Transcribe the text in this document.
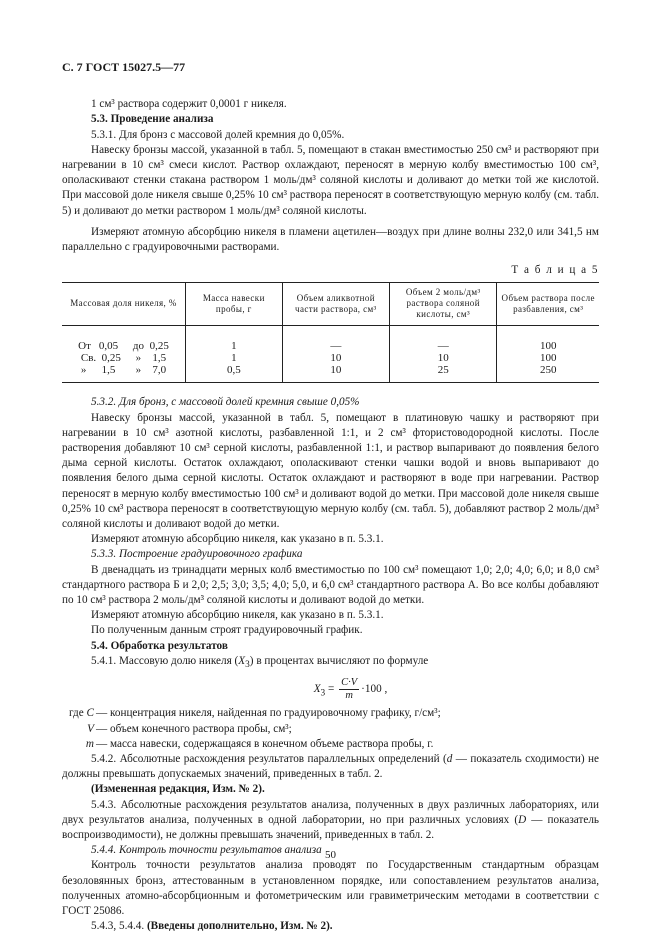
С. 7 ГОСТ 15027.5—77

1 см³ раствора содержит 0,0001 г никеля.

5.3. Проведение анализа

5.3.1. Для бронз с массовой долей кремния до 0,05%.

Навеску бронзы массой, указанной в табл. 5, помещают в стакан вместимостью 250 см³ и растворяют при нагревании в 10 см³ смеси кислот. Раствор охлаждают, переносят в мерную колбу вместимостью 100 см³, ополаскивают стенки стакана раствором 1 моль/дм³ соляной кислоты и доливают до метки той же кислотой. При массовой доле никеля свыше 0,25% 10 см³ раствора переносят в соответствующую мерную колбу (см. табл. 5) и доливают до метки раствором 1 моль/дм³ соляной кислоты.

Измеряют атомную абсорбцию никеля в пламени ацетилен—воздух при длине волны 232,0 или 341,5 нм параллельно с градуировочными растворами.

Т а б л и ц а 5
Массовая доля никеля, %	Масса навески пробы, г	Объем аликвотной части раствора, см³	Объем 2 моль/дм³ раствора соляной кислоты, см³	Объем раствора после разбавления, см³
От 0,05 до 0,25	1	—	—	100
Св. 0,25 » 1,5	1	10	10	100
» 1,5 » 7,0	0,5	10	25	250

5.3.2. Для бронз, с массовой долей кремния свыше 0,05%

Навеску бронзы массой, указанной в табл. 5, помещают в платиновую чашку и растворяют при нагревании в 10 см³ азотной кислоты, разбавленной 1:1, и 2 см³ фтористоводородной кислоты. После растворения добавляют 10 см³ серной кислоты, разбавленной 1:1, и раствор выпаривают до появления белого дыма серной кислоты. Остаток охлаждают, ополаскивают стенки чашки водой и вновь выпаривают до появления белого дыма серной кислоты. Остаток охлаждают и растворяют в воде при нагревании. Раствор переносят в мерную колбу вместимостью 100 см³ и доливают водой до метки. При массовой доле никеля свыше 0,25% 10 см³ раствора переносят в соответствующую мерную колбу (см. табл. 5), добавляют раствор 2 моль/дм³ соляной кислоты и доливают водой до метки.

Измеряют атомную абсорбцию никеля, как указано в п. 5.3.1.

5.3.3. Построение градуировочного графика

В двенадцать из тринадцати мерных колб вместимостью по 100 см³ помещают 1,0; 2,0; 4,0; 6,0; и 8,0 см³ стандартного раствора Б и 2,0; 2,5; 3,0; 3,5; 4,0; 5,0, и 6,0 см³ стандартного раствора А. Во все колбы добавляют по 10 см³ раствора 2 моль/дм³ соляной кислоты и доливают водой до метки.

Измеряют атомную абсорбцию никеля, как указано в п. 5.3.1.

По полученным данным строят градуировочный график.

5.4. Обработка результатов

5.4.1. Массовую долю никеля $(X_3)$ в процентах вычисляют по формуле

$X_3 = \frac{C\cdot V}{m} \cdot 100$ ,
где C — концентрация никеля, найденная по градуировочному графику, г/см³;
V — объем конечного раствора пробы, см³;
m — масса навески, содержащаяся в конечном объеме раствора пробы, г.

5.4.2. Абсолютные расхождения результатов параллельных определений (d — показатель сходимости) не должны превышать допускаемых значений, приведенных в табл. 2.

(Измененная редакция, Изм. № 2).

5.4.3. Абсолютные расхождения результатов анализа, полученных в двух различных лабораториях, или двух результатов анализа, полученных в одной лаборатории, но при различных условиях (D — показатель воспроизводимости), не должны превышать значений, приведенных в табл. 2.

5.4.4. Контроль точности результатов анализа

Контроль точности результатов анализа проводят по Государственным стандартным образцам безоловянных бронз, аттестованным в установленном порядке, или сопоставлением результатов анализа, полученных атомно-абсорбционным и фотометрическим или гравиметрическим методами в соответствии с ГОСТ 25086.

5.4.3, 5.4.4. (Введены дополнительно, Изм. № 2).

50
